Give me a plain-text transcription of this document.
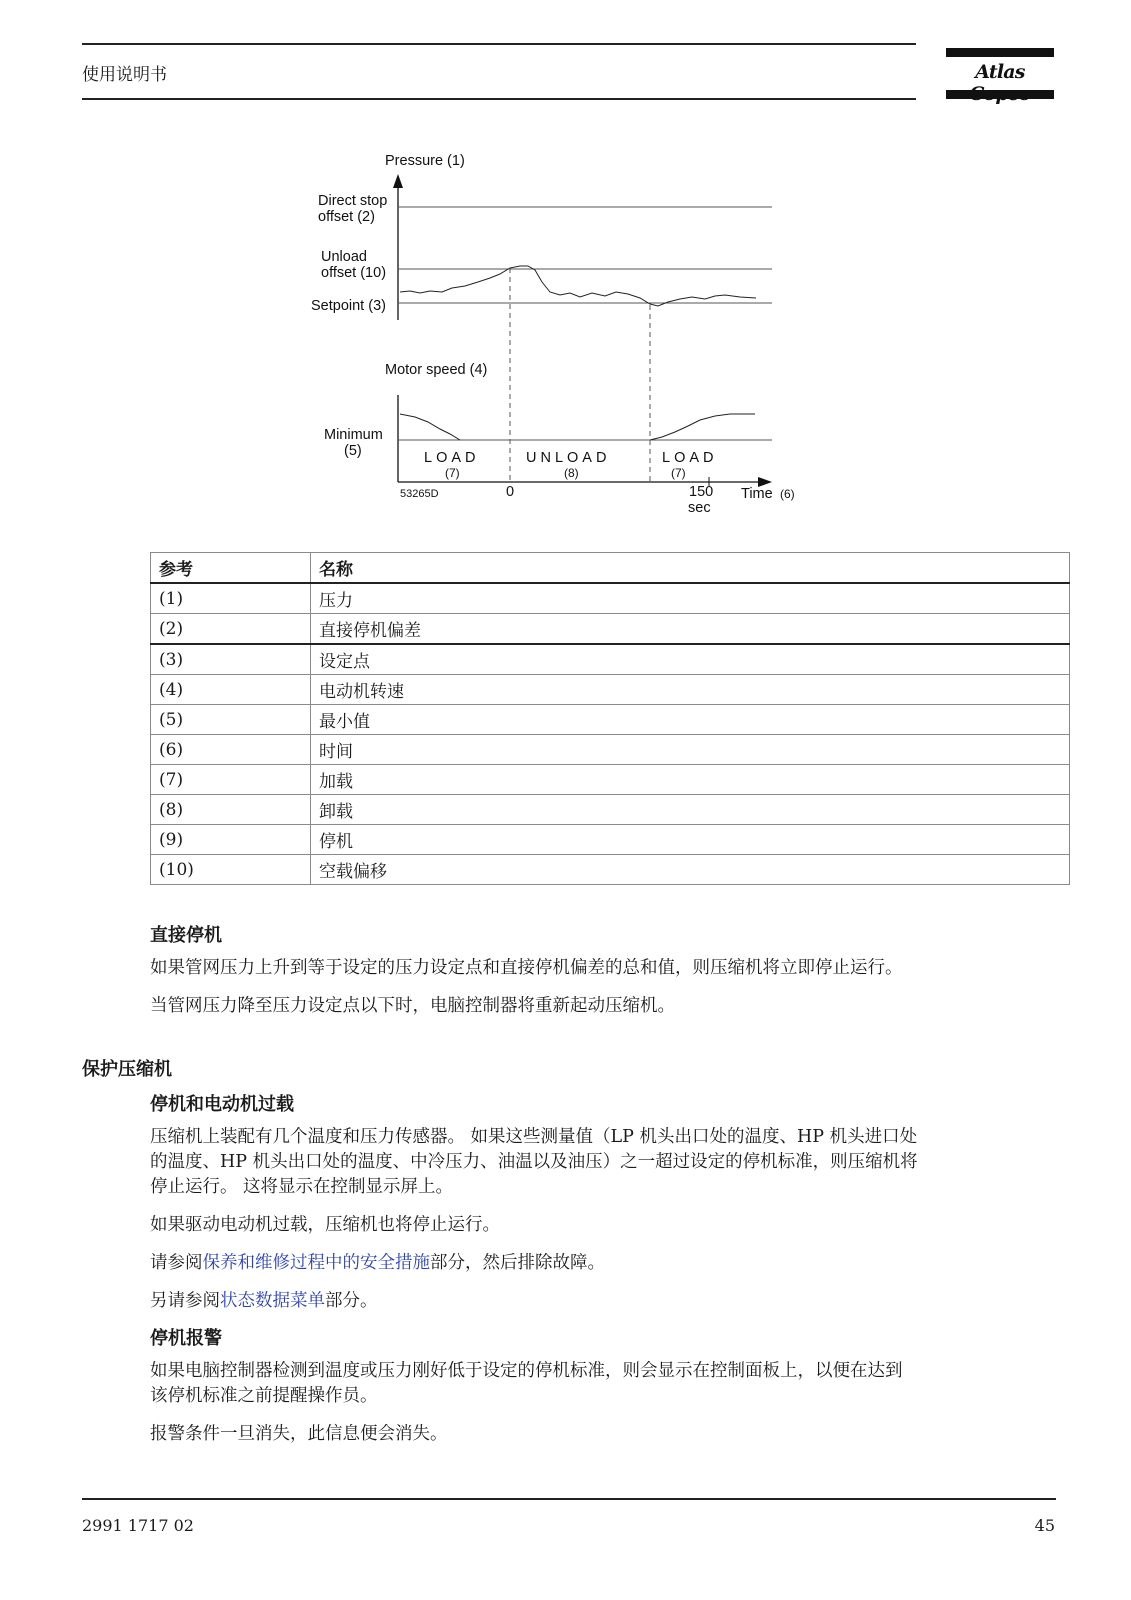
使用说明书	Atlas
Pressure (1)
Direct stop
offset (2)
Unload
offset (10)
Setpoint (3)
Motor speed (4)
Minimum
(5)	LOAD
(7)
UNLOAD
(8)
LOAD
(7)
53265D	0	150
sec
Time (6)
参考	名称
(1)	压力
(2)	直接停机偏差
(3)	设定点
(4)	电动机转速
(5)	最小值
(6)	时间
(7)	加载
(8)	卸载
(9)	停机
(10)	空载偏移
直接停机
如果管网压力上升到等于设定的压力设定点和直接停机偏差的总和值，则压缩机将立即停止运行。
当管网压力降至压力设定点以下时，电脑控制器将重新起动压缩机。
保护压缩机
停机和电动机过载
压缩机上装配有几个温度和压力传感器。 如果这些测量值（LP 机头出口处的温度、HP 机头进口处
的温度、HP 机头出口处的温度、中冷压力、油温以及油压）之一超过设定的停机标准，则压缩机将
停止运行。 这将显示在控制显示屏上。
如果驱动电动机过载，压缩机也将停止运行。
请参阅保养和维修过程中的安全措施部分，然后排除故障。
另请参阅状态数据菜单部分。
停机报警
如果电脑控制器检测到温度或压力刚好低于设定的停机标准，则会显示在控制面板上，以便在达到
该停机标准之前提醒操作员。
报警条件一旦消失，此信息便会消失。
2991 1717 02	45
